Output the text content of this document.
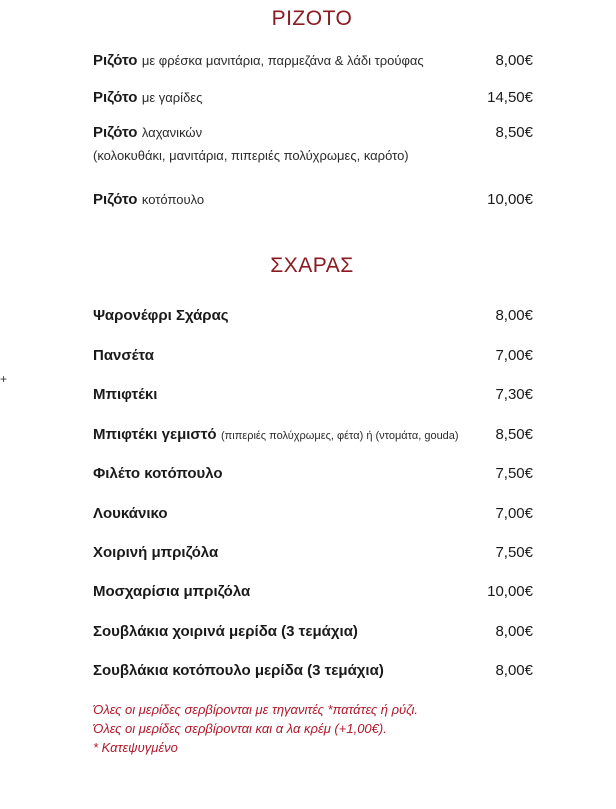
+
ΡΙΖΟΤΟ
Ριζότο με φρέσκα μανιτάρια, παρμεζάνα & λάδι τρούφας	8,00€
Ριζότο με γαρίδες	14,50€
Ριζότο λαχανικών	8,50€
(κολοκυθάκι, μανιτάρια, πιπεριές πολύχρωμες, καρότο)
Ριζότο κοτόπουλο	10,00€
ΣΧΑΡΑΣ
Ψαρονέφρι Σχάρας	8,00€
Πανσέτα	7,00€
Μπιφτέκι	7,30€
Μπιφτέκι γεμιστό (πιπεριές πολύχρωμες, φέτα) ή (ντομάτα, gouda) 8,50€
Φιλέτο κοτόπουλο	7,50€
Λουκάνικο	7,00€
Χοιρινή μπριζόλα	7,50€
Μοσχαρίσια μπριζόλα	10,00€
Σουβλάκια χοιρινά μερίδα (3 τεμάχια)	8,00€
Σουβλάκια κοτόπουλο μερίδα (3 τεμάχια)	8,00€
Όλες οι μερίδες σερβίρονται με τηγανιτές *πατάτες ή ρύζι.
Όλες οι μερίδες σερβίρονται και α λα κρέμ (+1,00€).
* Κατεψυγμένο
